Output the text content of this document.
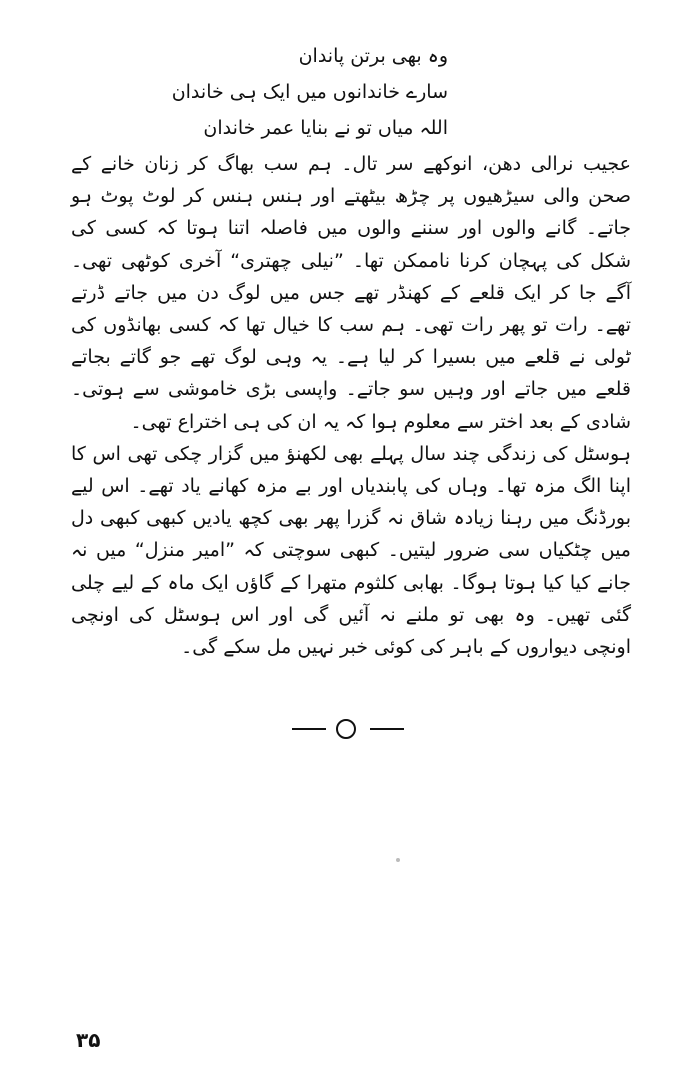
وہ بھی برتن پاندان

سارے خاندانوں میں ایک ہی خاندان

اللہ میاں تو نے بنایا عمر خاندان

عجیب نرالی دھن، انوکھے سر تال۔ ہم سب بھاگ کر زنان خانے کے صحن والی سیڑھیوں پر چڑھ بیٹھتے اور ہنس ہنس کر لوٹ پوٹ ہو جاتے۔ گانے والوں اور سننے والوں میں فاصلہ اتنا ہوتا کہ کسی کی شکل کی پہچان کرنا ناممکن تھا۔ ”نیلی چھتری“ آخری کوٹھی تھی۔ آگے جا کر ایک قلعے کے کھنڈر تھے جس میں لوگ دن میں جاتے ڈرتے تھے۔ رات تو پھر رات تھی۔ ہم سب کا خیال تھا کہ کسی بھانڈوں کی ٹولی نے قلعے میں بسیرا کر لیا ہے۔ یہ وہی لوگ تھے جو گاتے بجاتے قلعے میں جاتے اور وہیں سو جاتے۔ واپسی بڑی خاموشی سے ہوتی۔ شادی کے بعد اختر سے معلوم ہوا کہ یہ ان کی ہی اختراع تھی۔

ہوسٹل کی زندگی چند سال پہلے بھی لکھنؤ میں گزار چکی تھی اس کا اپنا الگ مزہ تھا۔ وہاں کی پابندیاں اور بے مزہ کھانے یاد تھے۔ اس لیے بورڈنگ میں رہنا زیادہ شاق نہ گزرا پھر بھی کچھ یادیں کبھی کبھی دل میں چٹکیاں سی ضرور لیتیں۔ کبھی سوچتی کہ ”امیر منزل“ میں نہ جانے کیا کیا ہوتا ہوگا۔ بھابی کلثوم متھرا کے گاؤں ایک ماہ کے لیے چلی گئی تھیں۔ وہ بھی تو ملنے نہ آئیں گی اور اس ہوسٹل کی اونچی اونچی دیواروں کے باہر کی کوئی خبر نہیں مل سکے گی۔

۳۵
